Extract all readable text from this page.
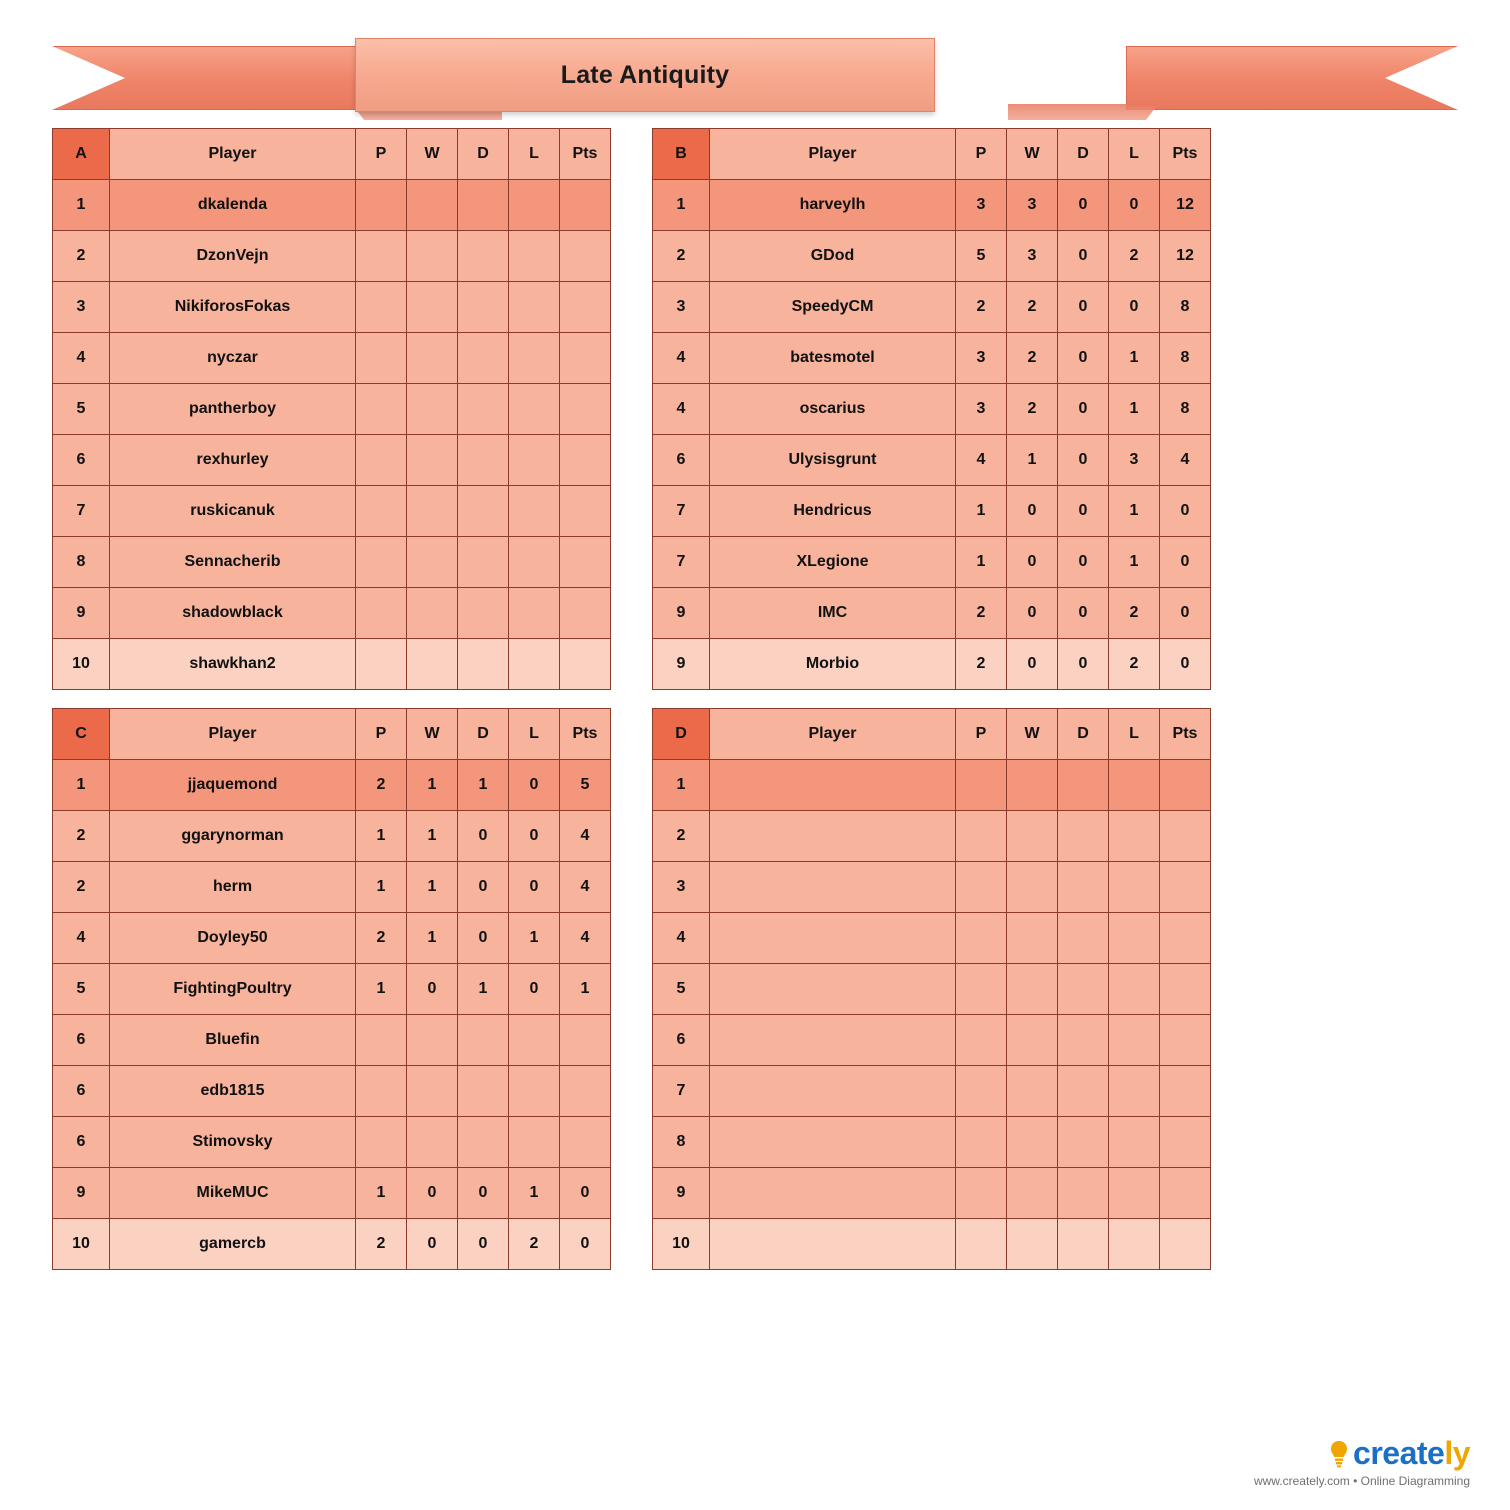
Late Antiquity
A	Player	P	W	D	L	Pts
1	dkalenda					
2	DzonVejn					
3	NikiforosFokas					
4	nyczar					
5	pantherboy					
6	rexhurley					
7	ruskicanuk					
8	Sennacherib					
9	shadowblack					
10	shawkhan2					
B	Player	P	W	D	L	Pts
1	harveylh	3	3	0	0	12
2	GDod	5	3	0	2	12
3	SpeedyCM	2	2	0	0	8
4	batesmotel	3	2	0	1	8
4	oscarius	3	2	0	1	8
6	Ulysisgrunt	4	1	0	3	4
7	Hendricus	1	0	0	1	0
7	XLegione	1	0	0	1	0
9	IMC	2	0	0	2	0
9	Morbio	2	0	0	2	0
C	Player	P	W	D	L	Pts
1	jjaquemond	2	1	1	0	5
2	ggarynorman	1	1	0	0	4
2	herm	1	1	0	0	4
4	Doyley50	2	1	0	1	4
5	FightingPoultry	1	0	1	0	1
6	Bluefin					
6	edb1815					
6	Stimovsky					
9	MikeMUC	1	0	0	1	0
10	gamercb	2	0	0	2	0
D	Player	P	W	D	L	Pts
1						
2						
3						
4						
5						
6						
7						
8						
9						
10						
creately
www.creately.com • Online Diagramming
